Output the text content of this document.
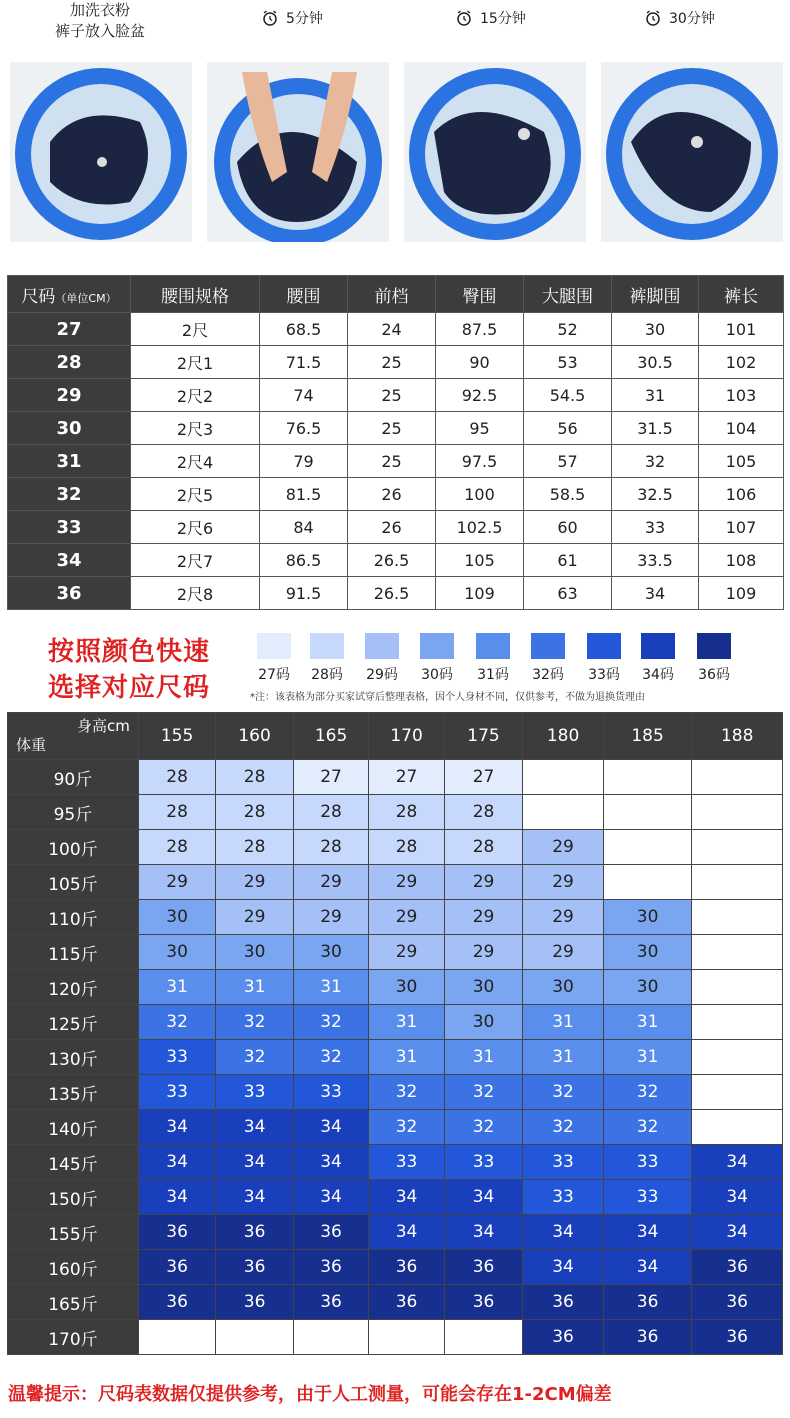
加洗衣粉
裤子放入脸盆
5分钟	15分钟	30分钟
尺码（单位CM）	腰围规格	腰围	前档	臀围	大腿围	裤脚围	裤长
27	2尺	68.5	24	87.5	52	30	101
28	2尺1	71.5	25	90	53	30.5	102
29	2尺2	74	25	92.5	54.5	31	103
30	2尺3	76.5	25	95	56	31.5	104
31	2尺4	79	25	97.5	57	32	105
32	2尺5	81.5	26	100	58.5	32.5	106
33	2尺6	84	26	102.5	60	33	107
34	2尺7	86.5	26.5	105	61	33.5	108
36	2尺8	91.5	26.5	109	63	34	109
按照颜色快速
选择对应尺码	27码	28码	29码	30码	31码	32码	33码	34码	36码
*注：该表格为部分买家试穿后整理表格，因个人身材不同，仅供参考，不做为退换货理由
身高cm
体重	155	160	165	170	175	180	185	188
90斤	28	28	27	27	27			
95斤	28	28	28	28	28			
100斤	28	28	28	28	28	29		
105斤	29	29	29	29	29	29		
110斤	30	29	29	29	29	29	30	
115斤	30	30	30	29	29	29	30	
120斤	31	31	31	30	30	30	30	
125斤	32	32	32	31	30	31	31	
130斤	33	32	32	31	31	31	31	
135斤	33	33	33	32	32	32	32	
140斤	34	34	34	32	32	32	32	
145斤	34	34	34	33	33	33	33	34
150斤	34	34	34	34	34	33	33	34
155斤	36	36	36	34	34	34	34	34
160斤	36	36	36	36	36	34	34	36
165斤	36	36	36	36	36	36	36	36
170斤						36	36	36
温馨提示：尺码表数据仅提供参考，由于人工测量，可能会存在1-2CM偏差
